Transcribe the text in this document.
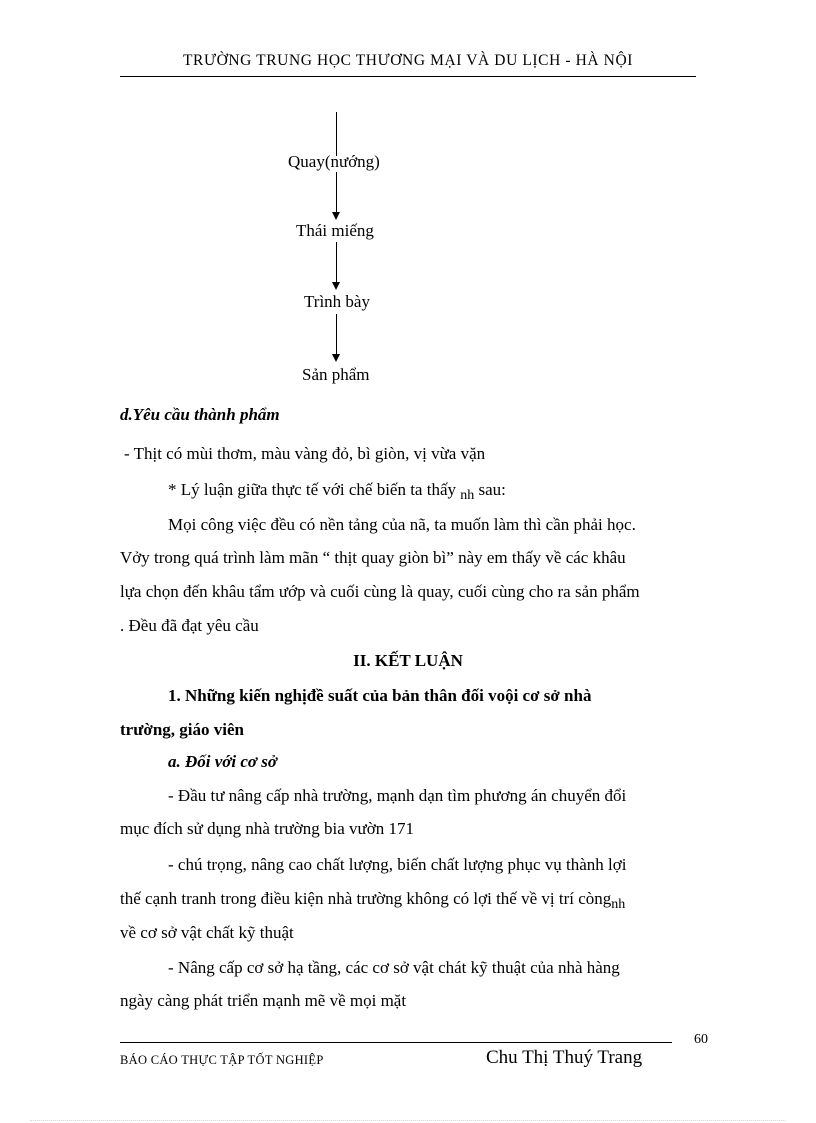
TRƯỜNG TRUNG HỌC THƯƠNG MẠI VÀ DU LỊCH - HÀ NỘI
Quay(nướng)
Thái miếng
Trình bày
Sản phẩm
d.Yêu cầu thành phẩm
- Thịt có mùi thơm, màu vàng đỏ, bì giòn, vị vừa vặn
* Lý luận giữa thực tế với chế biến ta thấy $_{nh}$ sau:
Mọi công việc đều có nền tảng của nã, ta muốn làm thì cần phải học.
Vởy trong quá trình làm mãn “ thịt quay giòn bì” này em thấy về các khâu
lựa chọn đến khâu tẩm ướp và cuối cùng là quay, cuối cùng cho ra sản phẩm
. Đều đã đạt yêu cầu
II. KẾT LUẬN
1. Những kiến nghịđề suất của bản thân đối voội cơ sở nhà
trường, giáo viên
a. Đối với cơ sở
- Đầu tư nâng cấp nhà trường, mạnh dạn tìm phương án chuyển đổi
mục đích sử dụng nhà trường bia vườn 171
- chú trọng, nâng cao chất lượng, biến chất lượng phục vụ thành lợi
thế cạnh tranh trong điều kiện nhà trường không có lợi thế về vị trí còng$_{nh}$
về cơ sở vật chất kỹ thuật
- Nâng cấp cơ sở hạ tầng, các cơ sở vật chát kỹ thuật của nhà hàng
ngày càng phát triển mạnh mẽ về mọi mặt
60
BÁO CÁO THỰC TẬP TỐT NGHIỆP	Chu Thị Thuý Trang
